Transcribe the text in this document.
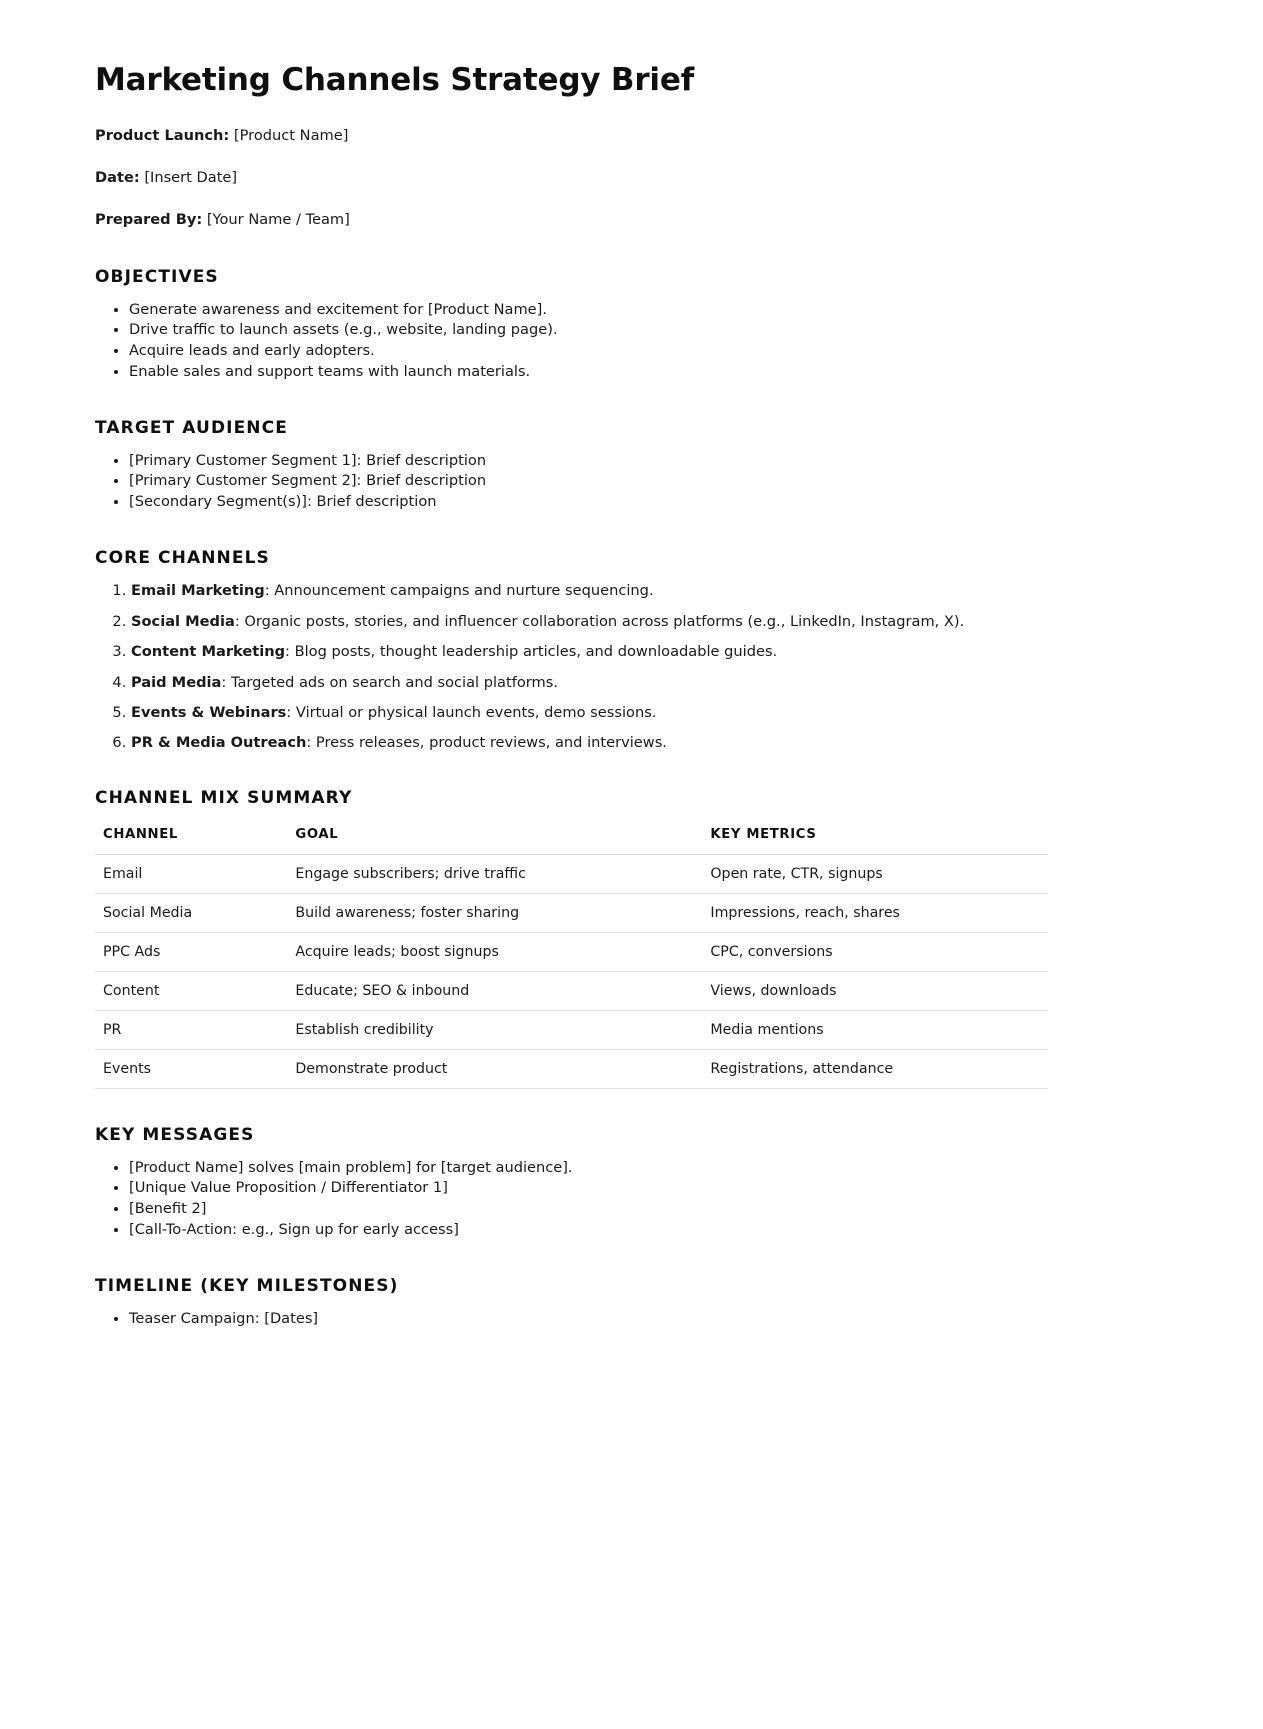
Marketing Channels Strategy Brief

Product Launch: [Product Name]

Date: [Insert Date]

Prepared By: [Your Name / Team]

OBJECTIVES
• Generate awareness and excitement for [Product Name].
• Drive traffic to launch assets (e.g., website, landing page).
• Acquire leads and early adopters.
• Enable sales and support teams with launch materials.
TARGET AUDIENCE
• [Primary Customer Segment 1]: Brief description
• [Primary Customer Segment 2]: Brief description
• [Secondary Segment(s)]: Brief description
CORE CHANNELS
1. Email Marketing: Announcement campaigns and nurture sequencing.
2. Social Media: Organic posts, stories, and influencer collaboration across platforms (e.g., LinkedIn, Instagram, X).
3. Content Marketing: Blog posts, thought leadership articles, and downloadable guides.
4. Paid Media: Targeted ads on search and social platforms.
5. Events & Webinars: Virtual or physical launch events, demo sessions.
6. PR & Media Outreach: Press releases, product reviews, and interviews.
CHANNEL MIX SUMMARY
CHANNEL	GOAL	KEY METRICS
Email	Engage subscribers; drive traffic	Open rate, CTR, signups
Social Media	Build awareness; foster sharing	Impressions, reach, shares
PPC Ads	Acquire leads; boost signups	CPC, conversions
Content	Educate; SEO & inbound	Views, downloads
PR	Establish credibility	Media mentions
Events	Demonstrate product	Registrations, attendance
KEY MESSAGES
• [Product Name] solves [main problem] for [target audience].
• [Unique Value Proposition / Differentiator 1]
• [Benefit 2]
• [Call-To-Action: e.g., Sign up for early access]
TIMELINE (KEY MILESTONES)
• Teaser Campaign: [Dates]
